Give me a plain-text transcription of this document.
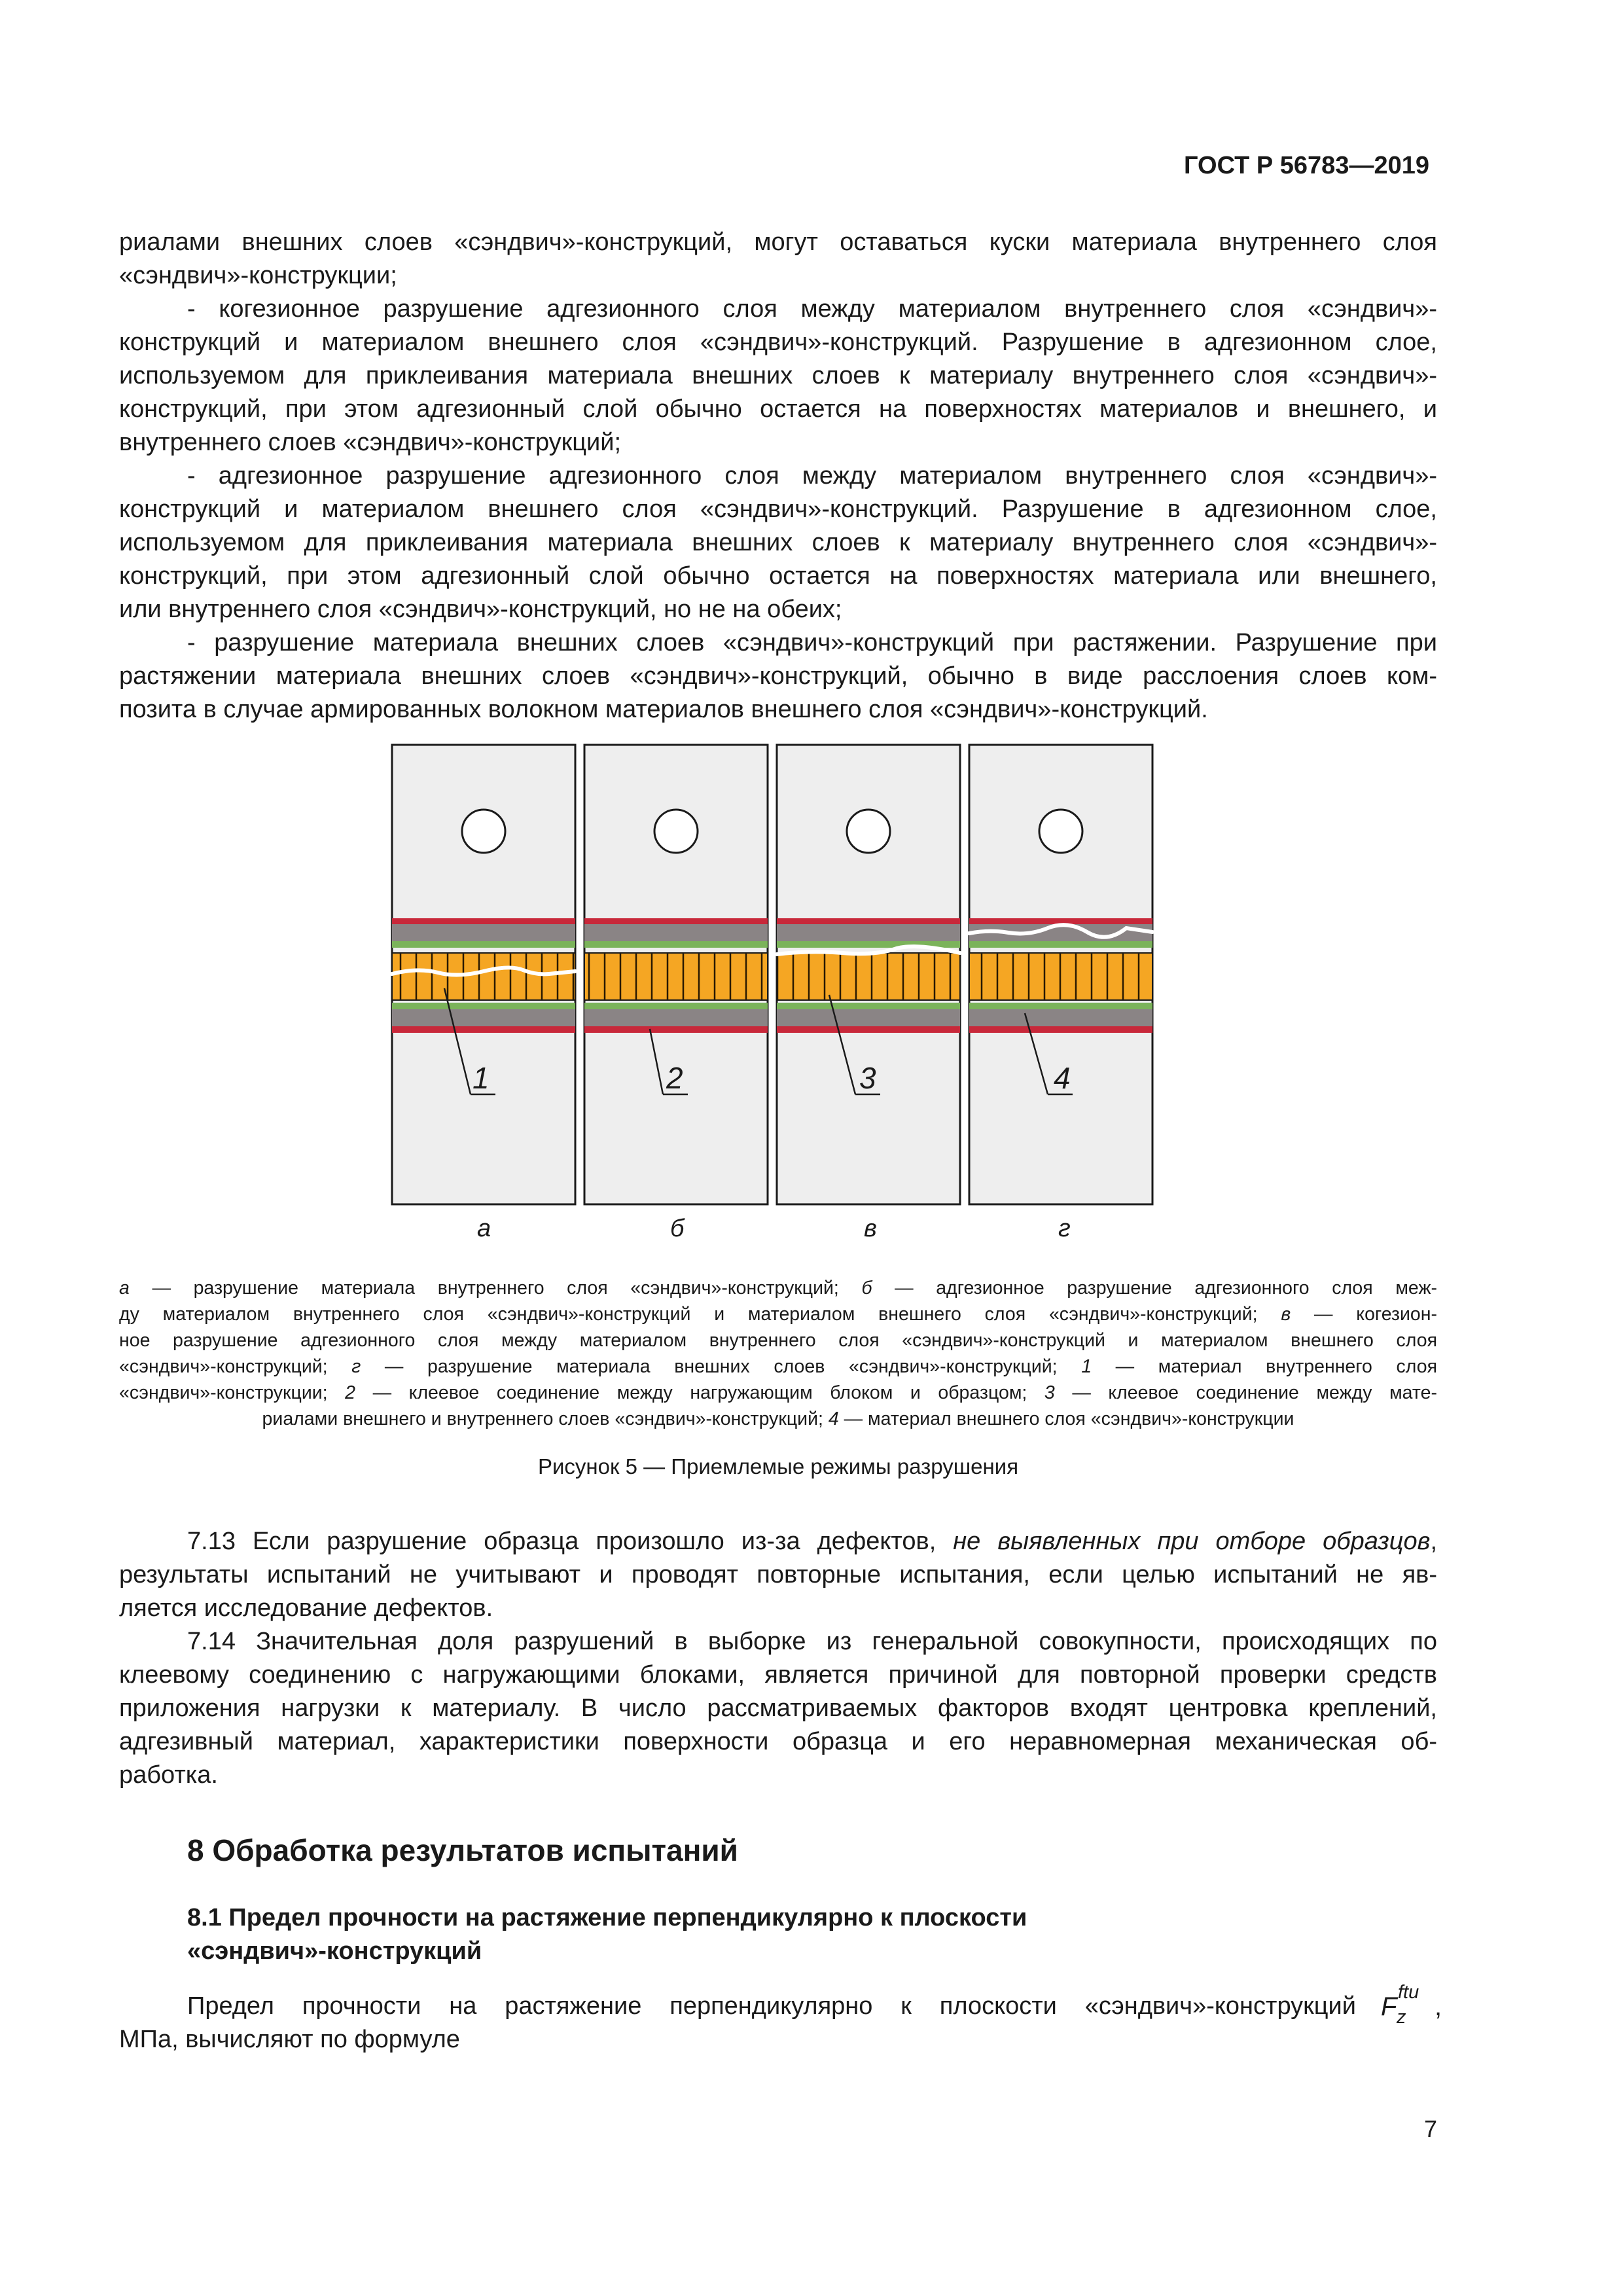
ГОСТ Р 56783—2019
риалами внешних слоев «сэндвич»-конструкций, могут оставаться куски материала внутреннего слоя
«сэндвич»-конструкции;
- когезионное разрушение адгезионного слоя между материалом внутреннего слоя «сэндвич»-
конструкций и материалом внешнего слоя «сэндвич»-конструкций. Разрушение в адгезионном слое,
используемом для приклеивания материала внешних слоев к материалу внутреннего слоя «сэндвич»-
конструкций, при этом адгезионный слой обычно остается на поверхностях материалов и внешнего, и
внутреннего слоев «сэндвич»-конструкций;
- адгезионное разрушение адгезионного слоя между материалом внутреннего слоя «сэндвич»-
конструкций и материалом внешнего слоя «сэндвич»-конструкций. Разрушение в адгезионном слое,
используемом для приклеивания материала внешних слоев к материалу внутреннего слоя «сэндвич»-
конструкций, при этом адгезионный слой обычно остается на поверхностях материала или внешнего,
или внутреннего слоя «сэндвич»-конструкций, но не на обеих;
- разрушение материала внешних слоев «сэндвич»-конструкций при растяжении. Разрушение при
растяжении материала внешних слоев «сэндвич»-конструкций, обычно в виде расслоения слоев ком-
позита в случае армированных волокном материалов внешнего слоя «сэндвич»-конструкций.
1	2	3	4
а	б	в	г
а — разрушение материала внутреннего слоя «сэндвич»-конструкций; б — адгезионное разрушение адгезионного слоя меж-
ду материалом внутреннего слоя «сэндвич»-конструкций и материалом внешнего слоя «сэндвич»-конструкций; в — когезион-
ное разрушение адгезионного слоя между материалом внутреннего слоя «сэндвич»-конструкций и материалом внешнего слоя
«сэндвич»-конструкций; г — разрушение материала внешних слоев «сэндвич»-конструкций; 1 — материал внутреннего слоя
«сэндвич»-конструкции; 2 — клеевое соединение между нагружающим блоком и образцом; 3 — клеевое соединение между мате-
риалами внешнего и внутреннего слоев «сэндвич»-конструкций; 4 — материал внешнего слоя «сэндвич»-конструкции
Рисунок 5 — Приемлемые режимы разрушения
7.13 Если разрушение образца произошло из-за дефектов, не выявленных при отборе образцов,
результаты испытаний не учитывают и проводят повторные испытания, если целью испытаний не яв-
ляется исследование дефектов.
7.14 Значительная доля разрушений в выборке из генеральной совокупности, происходящих по
клеевому соединению с нагружающими блоками, является причиной для повторной проверки средств
приложения нагрузки к материалу. В число рассматриваемых факторов входят центровка креплений,
адгезивный материал, характеристики поверхности образца и его неравномерная механическая об-
работка.
8 Обработка результатов испытаний
8.1 Предел прочности на растяжение перпендикулярно к плоскости
«сэндвич»-конструкций
Предел прочности на растяжение перпендикулярно к плоскости «сэндвич»-конструкций
МПа, вычисляют по формуле
F ftu
z ,
7
